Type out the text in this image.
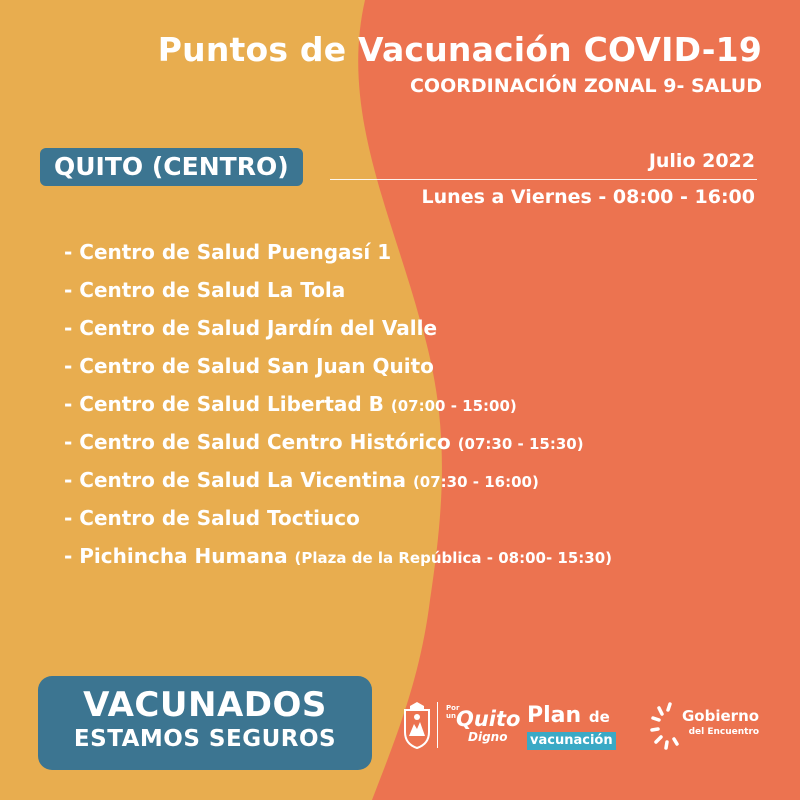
Puntos de Vacunación COVID-19
COORDINACIÓN ZONAL 9- SALUD
QUITO (CENTRO)	Julio 2022
Lunes a Viernes - 08:00 - 16:00
- Centro de Salud Puengasí 1
- Centro de Salud La Tola
- Centro de Salud Jardín del Valle
- Centro de Salud San Juan Quito
- Centro de Salud Libertad B (07:00 - 15:00)
- Centro de Salud Centro Histórico (07:30 - 15:30)
- Centro de Salud La Vicentina (07:30 - 16:00)
- Centro de Salud Toctiuco
- Pichincha Humana (Plaza de la República - 08:00- 15:30)
VACUNADOS
ESTAMOS SEGUROS
Por un Quito
Digno
Plan de
vacunación
Gobierno
del Encuentro
